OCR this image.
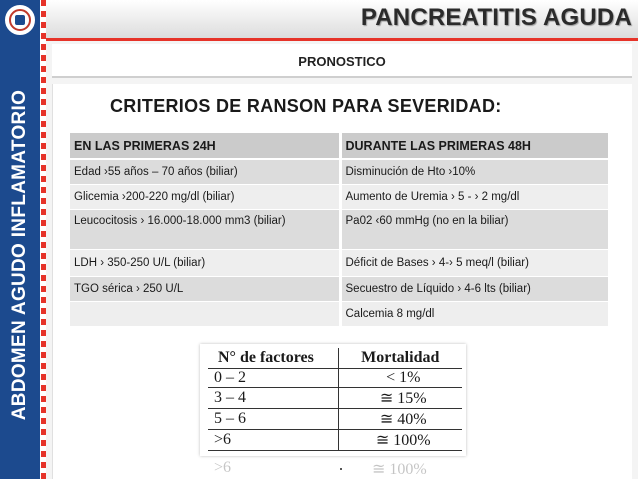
ABDOMEN AGUDO INFLAMATORIO
PANCREATITIS AGUDA
PRONOSTICO
CRITERIOS DE RANSON PARA SEVERIDAD:
EN LAS PRIMERAS 24H	DURANTE LAS PRIMERAS 48H
Edad ›55 años – 70 años (biliar)	Disminución de Hto ›10%
Glicemia ›200-220 mg/dl (biliar)	Aumento de Uremia › 5 - › 2 mg/dl
Leucocitosis › 16.000-18.000 mm3 (biliar)	Pa02 ‹60 mmHg (no en la biliar)
LDH › 350-250 U/L (biliar)	Déficit de Bases › 4-› 5 meq/l (biliar)
TGO sérica › 250 U/L	Secuestro de Líquido › 4-6 lts (biliar)
	Calcemia 8 mg/dl
N° de factores	Mortalidad
0 – 2	< 1%
3 – 4	≅ 15%
5 – 6	≅ 40%
>6	≅ 100%
>6	≅ 100%
